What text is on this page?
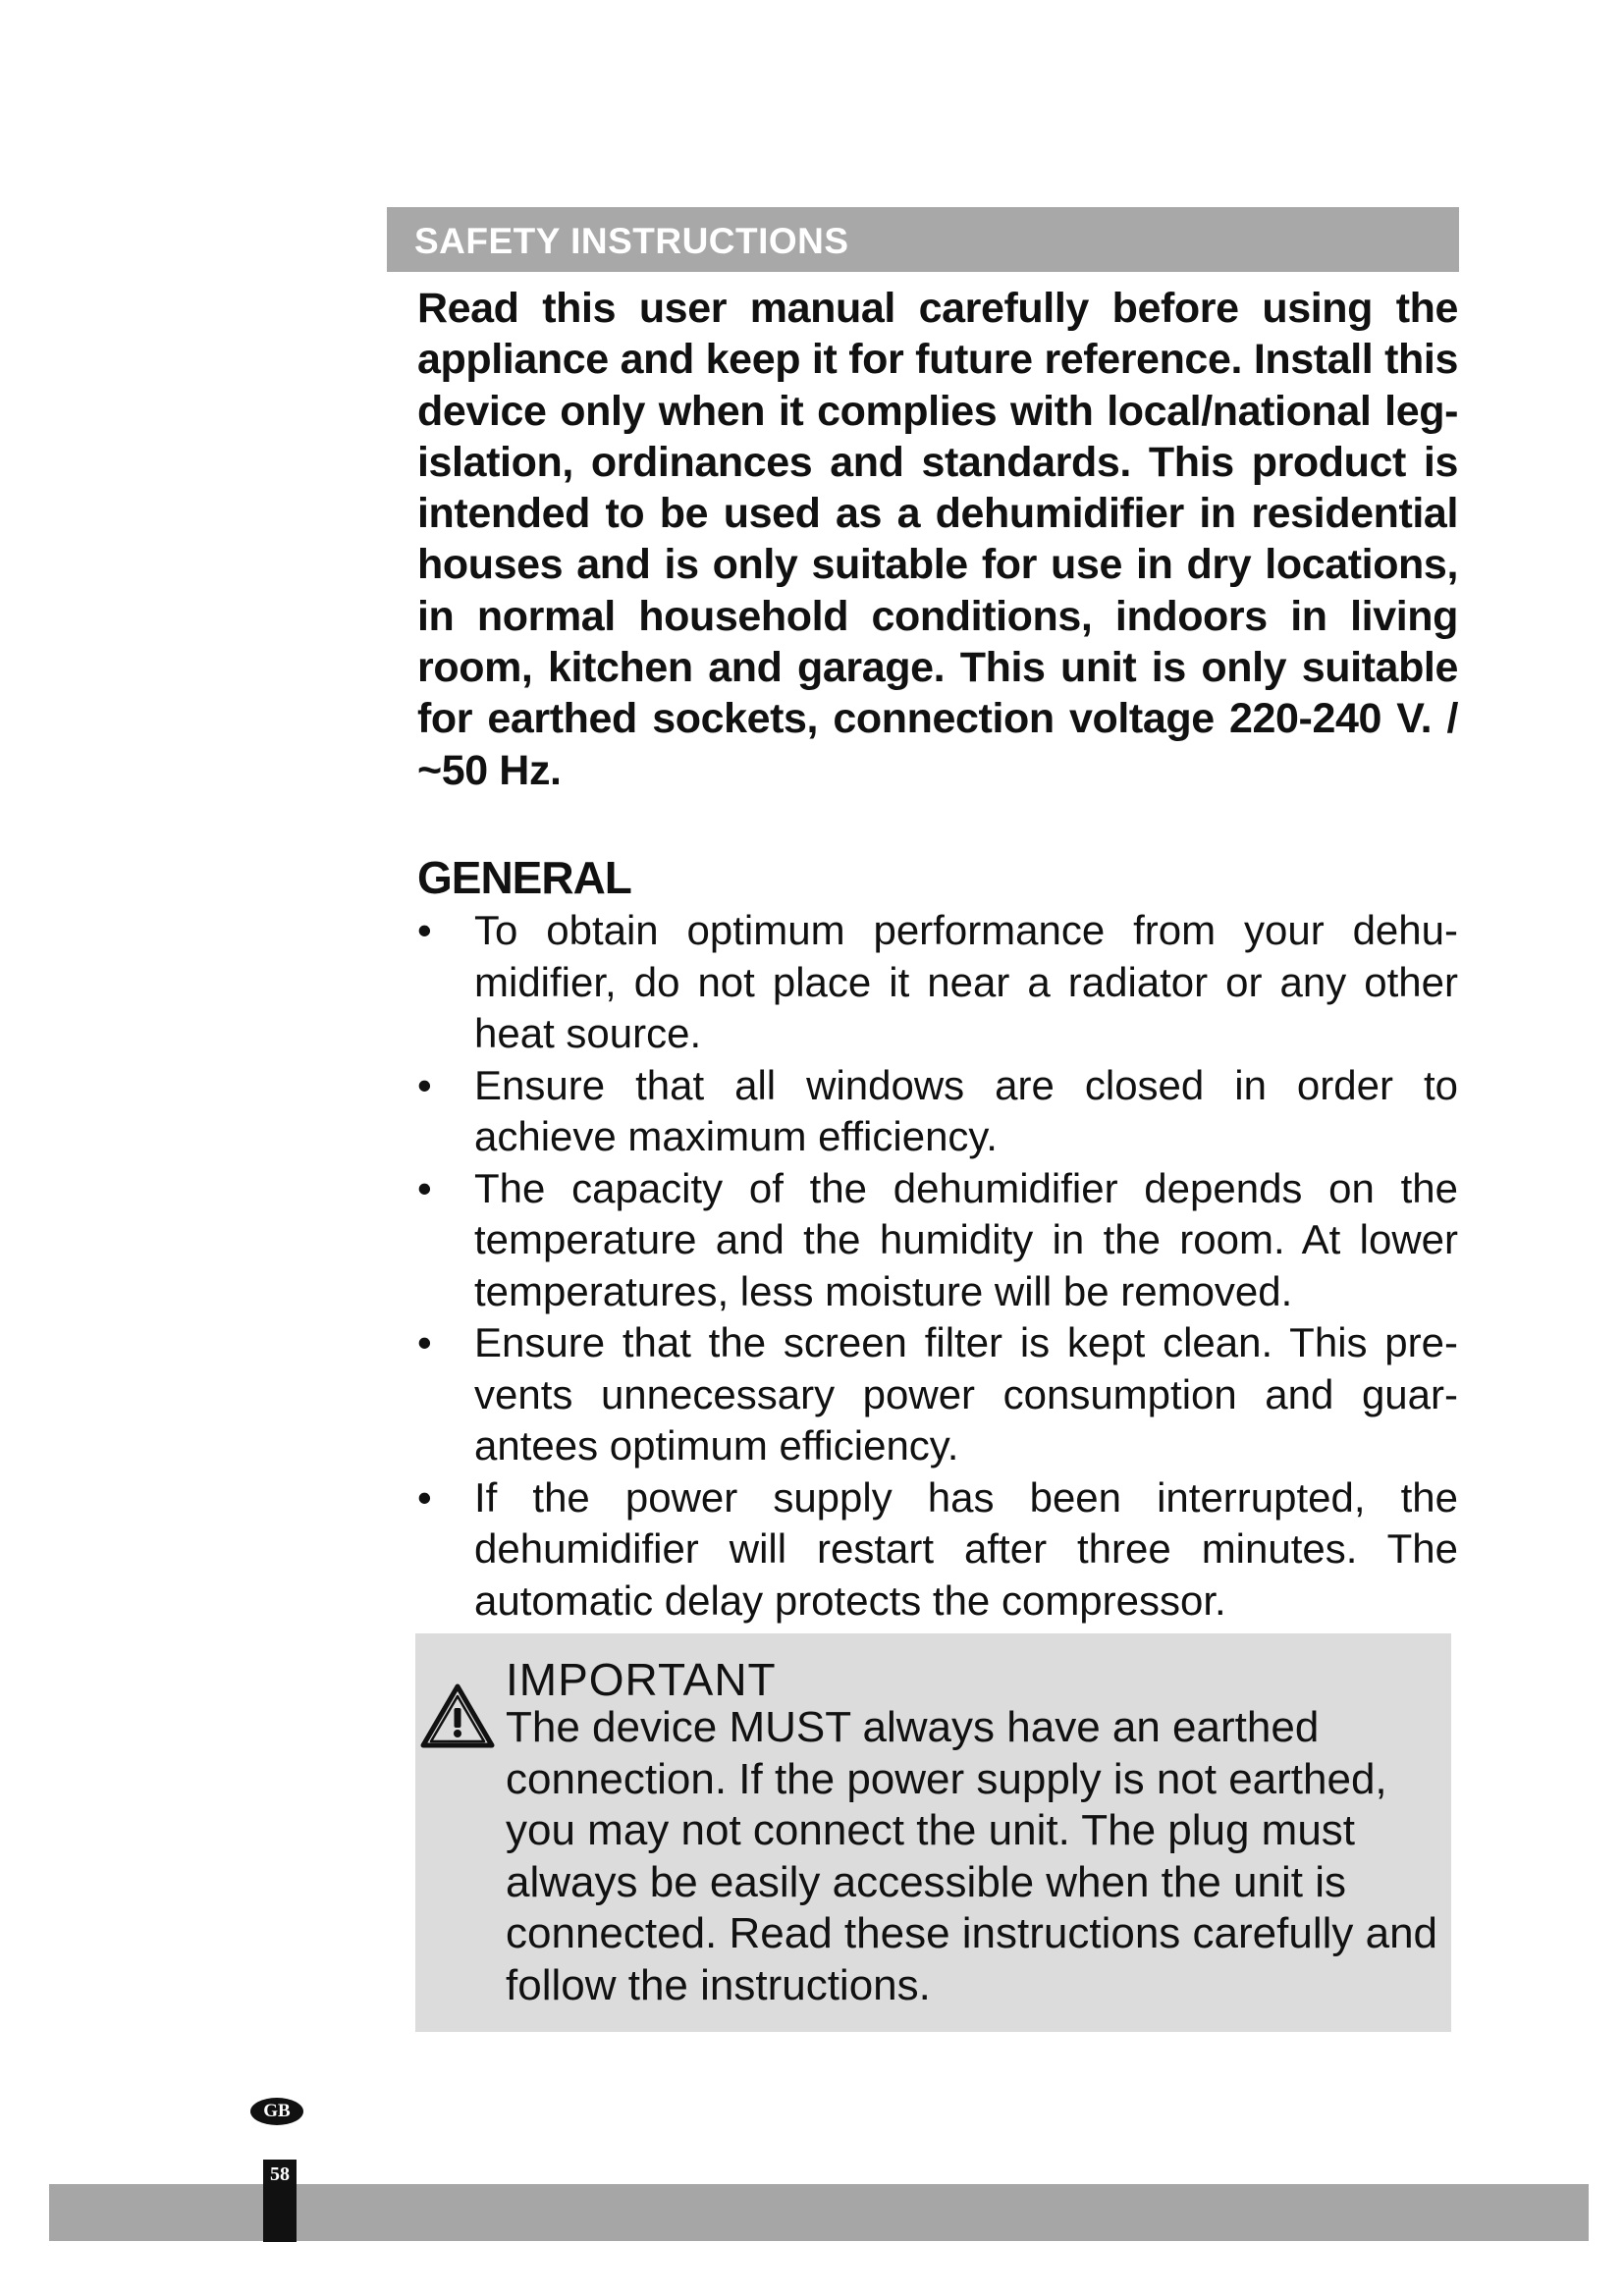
SAFETY INSTRUCTIONS
Read this user manual carefully before using the appliance and keep it for future reference. Install this device only when it complies with local/national leg-islation, ordinances and standards. This product is intended to be used as a dehumidifier in residential houses and is only suitable for use in dry locations, in normal household conditions, indoors in living room, kitchen and garage. This unit is only suitable for earthed sockets, connection voltage 220-240 V. / ~50 Hz.
GENERAL
• To obtain optimum performance from your dehu-midifier, do not place it near a radiator or any other heat source.
• Ensure that all windows are closed in order to achieve maximum efficiency.
• The capacity of the dehumidifier depends on the temperature and the humidity in the room. At lower temperatures, less moisture will be removed.
• Ensure that the screen filter is kept clean. This pre-vents unnecessary power consumption and guar-antees optimum efficiency.
• If the power supply has been interrupted, the dehumidifier will restart after three minutes. The automatic delay protects the compressor.
IMPORTANT
The device MUST always have an earthed connection. If the power supply is not earthed, you may not connect the unit. The plug must always be easily accessible when the unit is connected. Read these instructions carefully and follow the instructions.
GB
58
